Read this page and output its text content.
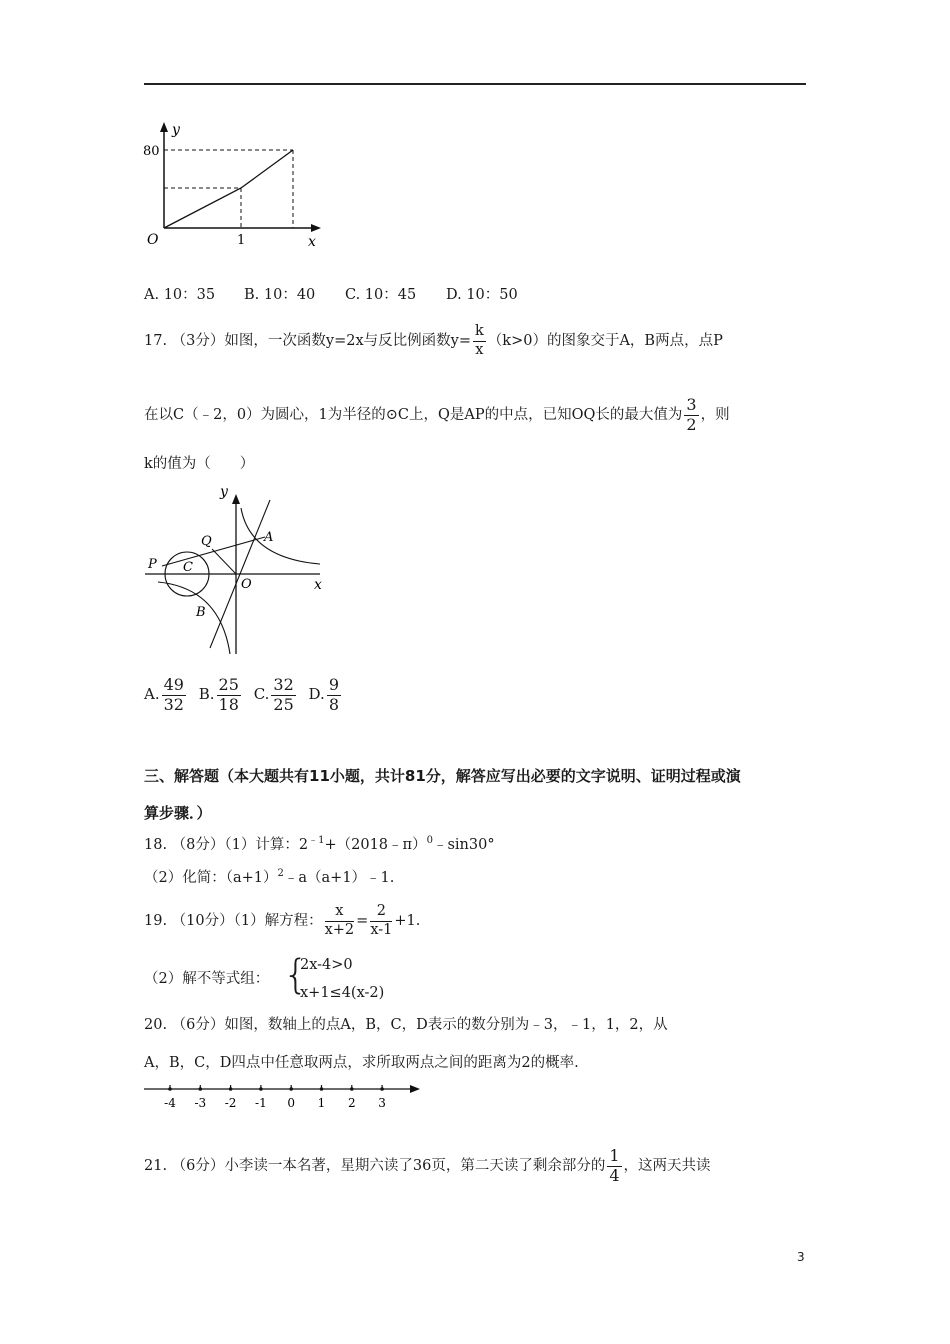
y
80
O	1	x
A. 10：35 B. 10：40 C. 10：45 D. 10：50
17. （3分）如图，一次函数y=2x与反比例函数$y= \frac{k}{x} (k>0)$的图象交于A，B两点，点P
在以C（﹣2，0）为圆心，1为半径的⊙C上，Q是AP的中点，已知OQ长的最大值为 $\frac{3}{2}$ ，则
k的值为（　　）
y
A
Q
P C
O	x
B
A. $\frac{49}{32} B$. $\frac{25}{18} C$. $\frac{32}{25} D$. $\frac{9}{8}$
三、解答题（本大题共有11小题，共计81分，解答应写出必要的文字说明、证明过程或演
算步骤．）
18. （8分）（1）计算：$2^{﹣1}+(2018﹣\pi)^0﹣\sin 30^\circ$
（2）化简：$(a+1)^2﹣a(a+1)﹣1$.
19. （10分）（1）解方程： $\frac{x}{x+2} = \frac{2}{x-1} +1$.
（2）解不等式组： {
2x-4>0
x+1≤4(x-2)
20. （6分）如图，数轴上的点A，B，C，D表示的数分别为﹣3，﹣1，1，2，从
A，B，C，D四点中任意取两点，求所取两点之间的距离为2的概率.
-4 -3 -2 -1 0 1 2 3
21. （6分）小李读一本名著，星期六读了36页，第二天读了剩余部分的 $\frac{1}{4}$ ，这两天共读
3
